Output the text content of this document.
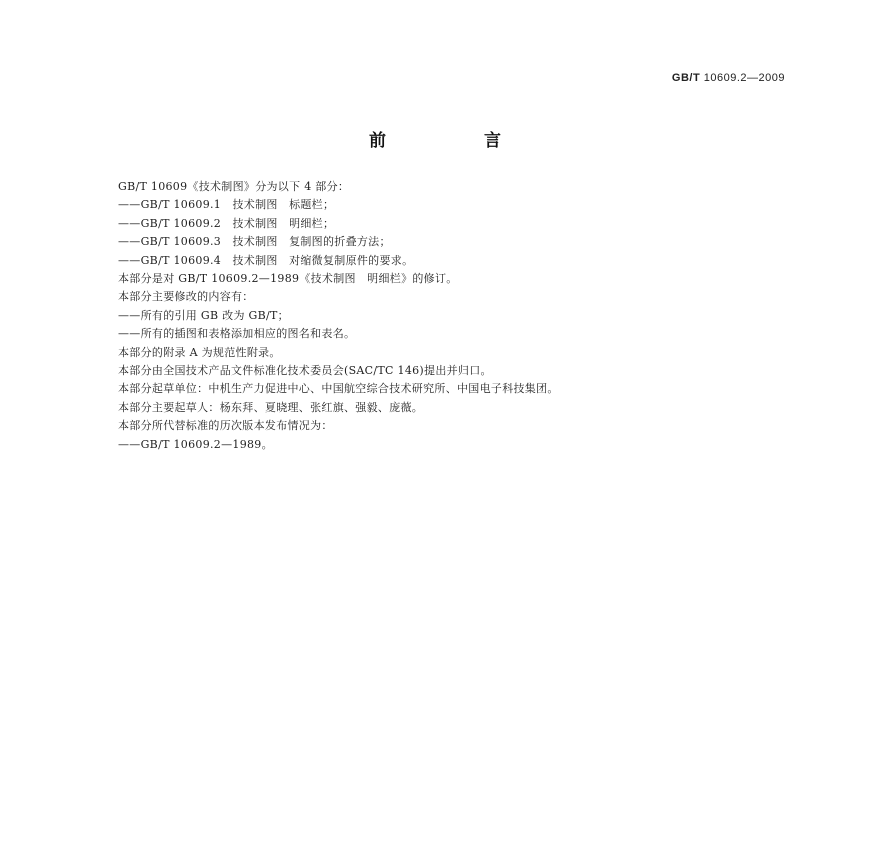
GB/T 10609.2—2009
前 言
GB/T 10609《技术制图》分为以下 4 部分：
——GB/T 10609.1   技术制图   标题栏；
——GB/T 10609.2   技术制图   明细栏；
——GB/T 10609.3   技术制图   复制图的折叠方法；
——GB/T 10609.4   技术制图   对缩微复制原件的要求。
本部分是对 GB/T 10609.2—1989《技术制图   明细栏》的修订。
本部分主要修改的内容有：
——所有的引用 GB 改为 GB/T；
——所有的插图和表格添加相应的图名和表名。
本部分的附录 A 为规范性附录。
本部分由全国技术产品文件标准化技术委员会(SAC/TC 146)提出并归口。
本部分起草单位：中机生产力促进中心、中国航空综合技术研究所、中国电子科技集团。
本部分主要起草人：杨东拜、夏晓理、张红旗、强毅、庞薇。
本部分所代替标准的历次版本发布情况为：
——GB/T 10609.2—1989。
